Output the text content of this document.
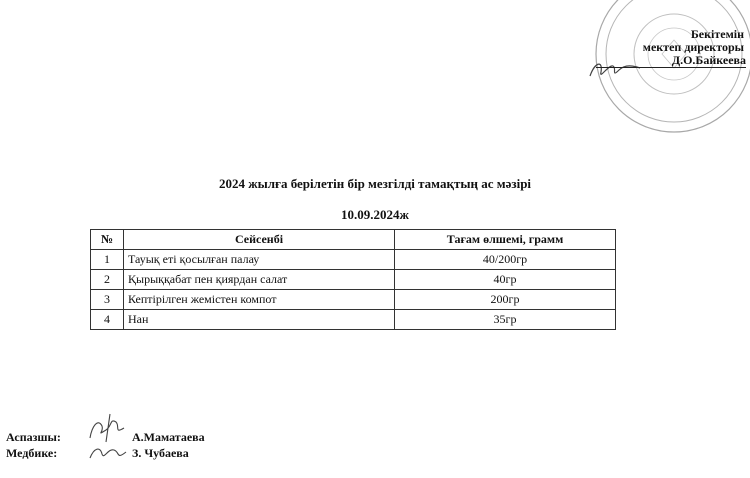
Бекітемін
мектеп директоры
Д.О.Байкеева
2024 жылға берілетін бір мезгілді тамақтың ас мәзірі
10.09.2024ж
№	Сейсенбі	Тағам өлшемі, грамм
1	Тауық еті қосылған палау	40/200гр
2	Қырыққабат пен қиярдан салат	40гр
3	Кептірілген жемістен компот	200гр
4	Нан	35гр
Аспазшы:	А.Маматаева
Медбике:	З. Чубаева
